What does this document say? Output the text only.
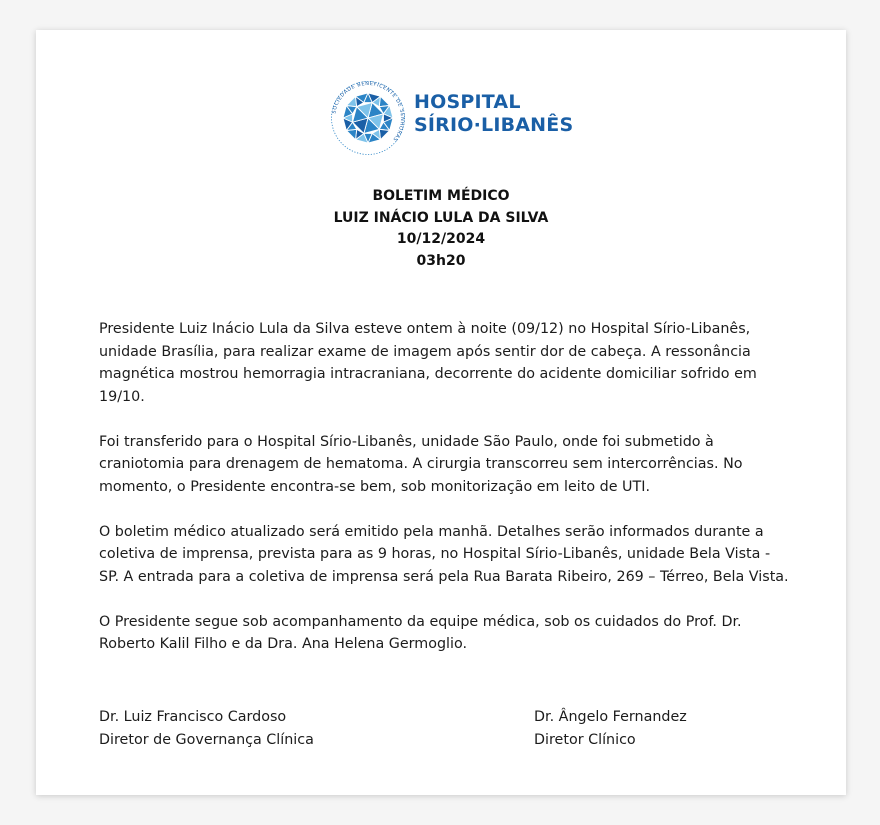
SOCIEDADE BENEFICENTE DE SENHORAS
HOSPITAL
SÍRIO·LIBANÊS
BOLETIM MÉDICO
LUIZ INÁCIO LULA DA SILVA
10/12/2024
03h20

Presidente Luiz Inácio Lula da Silva esteve ontem à noite (09/12) no Hospital Sírio-Libanês, unidade Brasília, para realizar exame de imagem após sentir dor de cabeça. A ressonância magnética mostrou hemorragia intracraniana, decorrente do acidente domiciliar sofrido em 19/10.

Foi transferido para o Hospital Sírio-Libanês, unidade São Paulo, onde foi submetido à craniotomia para drenagem de hematoma. A cirurgia transcorreu sem intercorrências. No momento, o Presidente encontra-se bem, sob monitorização em leito de UTI.

O boletim médico atualizado será emitido pela manhã. Detalhes serão informados durante a coletiva de imprensa, prevista para as 9 horas, no Hospital Sírio-Libanês, unidade Bela Vista - SP. A entrada para a coletiva de imprensa será pela Rua Barata Ribeiro, 269 – Térreo, Bela Vista.

O Presidente segue sob acompanhamento da equipe médica, sob os cuidados do Prof. Dr. Roberto Kalil Filho e da Dra. Ana Helena Germoglio.

Dr. Luiz Francisco Cardoso
Diretor de Governança Clínica
Dr. Ângelo Fernandez
Diretor Clínico
